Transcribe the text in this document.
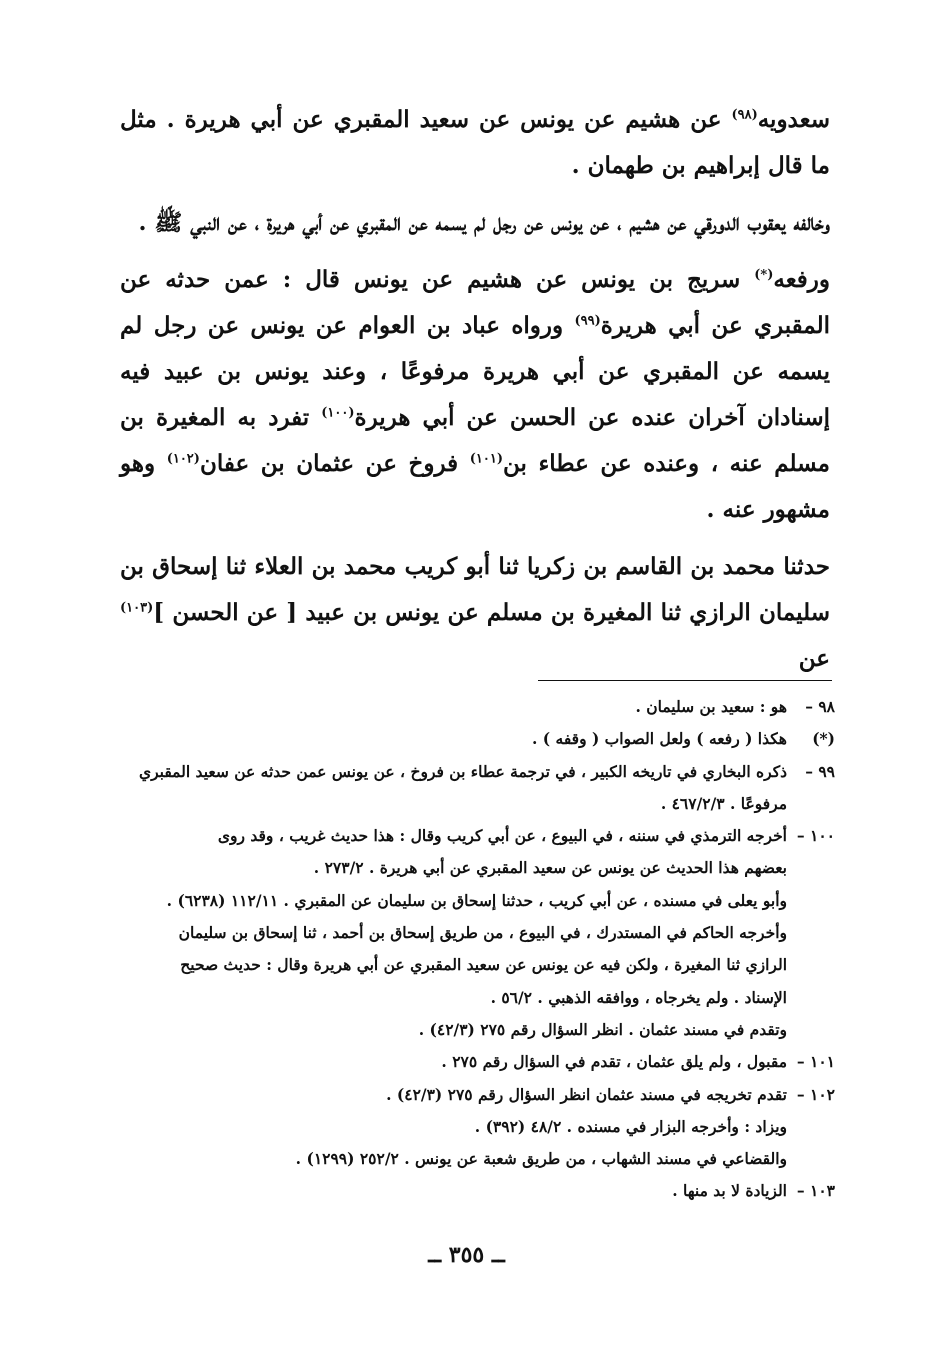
سعدويه$^{(٩٨)}$ عن هشيم عن يونس عن سعيد المقبري عن أبي هريرة . مثل ما قال إبراهيم بن طهمان .

وخالفه يعقوب الدورقي عن هشيم ، عن يونس عن رجل لم يسمه عن المقبري عن أبي هريرة ، عن النبي ﷺ .

ورفعه(*) سريج بن يونس عن هشيم عن يونس قال : عمن حدثه عن المقبري عن أبي هريرة$^{(٩٩)}$ ورواه عباد بن العوام عن يونس عن رجل لم يسمه عن المقبري عن أبي هريرة مرفوعًا ، وعند يونس بن عبيد فيه إسنادان آخران عنده عن الحسن عن أبي هريرة$^{(١٠٠)}$ تفرد به المغيرة بن مسلم عنه ، وعنده عن عطاء بن$^{(١٠١)}$ فروخ عن عثمان بن عفان$^{(١٠٢)}$ وهو مشهور عنه .

حدثنا محمد بن القاسم بن زكريا ثنا أبو كريب محمد بن العلاء ثنا إسحاق بن سليمان الرازي ثنا المغيرة بن مسلم عن يونس بن عبيد [ عن الحسن ]$^{(١٠٣)}$ عن

٩٨ –هو : سعيد بن سليمان .
(*)هكذا ( رفعه ) ولعل الصواب ( وقفه ) .
٩٩ –ذكره البخاري في تاريخه الكبير ، في ترجمة عطاء بن فروخ ، عن يونس عمن حدثه عن سعيد المقبري
مرفوعًا . ٤٦٧/٢/٣ .
١٠٠ –أخرجه الترمذي في سننه ، في البيوع ، عن أبي كريب وقال : هذا حديث غريب ، وقد روى
بعضهم هذا الحديث عن يونس عن سعيد المقبري عن أبي هريرة . ٢٧٣/٢ .
وأبو يعلى في مسنده ، عن أبي كريب ، حدثنا إسحاق بن سليمان عن المقبري . ١١٢/١١ (٦٢٣٨) .
وأخرجه الحاكم في المستدرك ، في البيوع ، من طريق إسحاق بن أحمد ، ثنا إسحاق بن سليمان
الرازي ثنا المغيرة ، ولكن فيه عن يونس عن سعيد المقبري عن أبي هريرة وقال : حديث صحيح
الإسناد . ولم يخرجاه ، ووافقه الذهبي . ٥٦/٢ .
وتقدم في مسند عثمان . انظر السؤال رقم ٢٧٥ (٤٢/٣) .
١٠١ –مقبول ، ولم يلق عثمان ، تقدم في السؤال رقم ٢٧٥ .
١٠٢ –تقدم تخريجه في مسند عثمان انظر السؤال رقم ٢٧٥ (٤٢/٣) .
ويزاد : وأخرجه البزار في مسنده . ٤٨/٢ (٣٩٢) .
والقضاعي في مسند الشهاب ، من طريق شعبة عن يونس . ٢٥٢/٢ (١٢٩٩) .
١٠٣ –الزيادة لا بد منها .
ــ ٣٥٥ ــ
